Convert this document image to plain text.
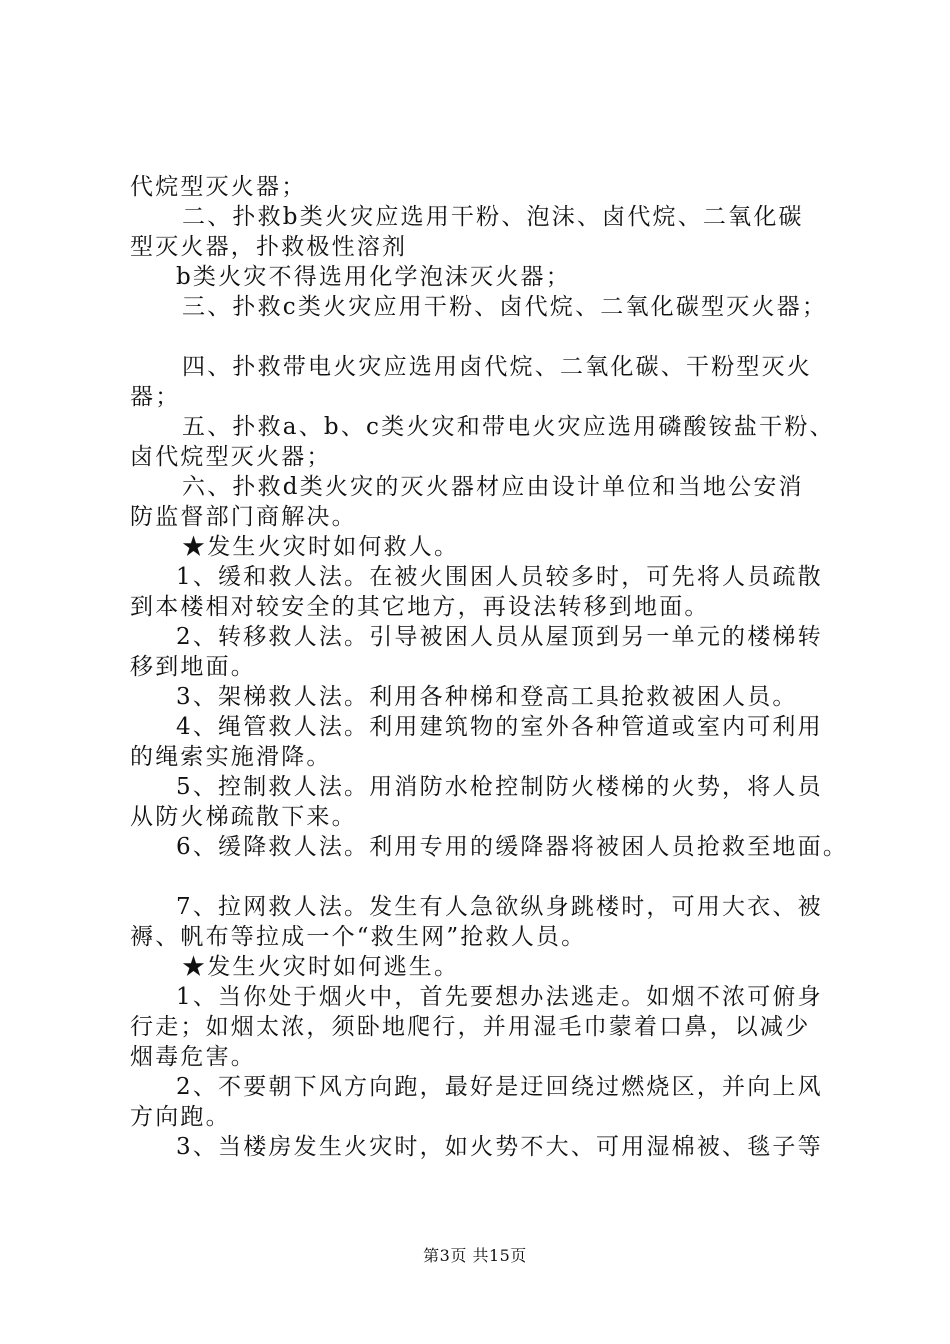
代烷型灭火器；
二、扑救b类火灾应选用干粉、泡沫、卤代烷、二氧化碳
型灭火器，扑救极性溶剂
b类火灾不得选用化学泡沫灭火器；
三、扑救c类火灾应用干粉、卤代烷、二氧化碳型灭火器；
四、扑救带电火灾应选用卤代烷、二氧化碳、干粉型灭火
器；
五、扑救a、b、c类火灾和带电火灾应选用磷酸铵盐干粉、
卤代烷型灭火器；
六、扑救d类火灾的灭火器材应由设计单位和当地公安消
防监督部门商解决。
★发生火灾时如何救人。
1、缓和救人法。在被火围困人员较多时，可先将人员疏散
到本楼相对较安全的其它地方，再设法转移到地面。
2、转移救人法。引导被困人员从屋顶到另一单元的楼梯转
移到地面。
3、架梯救人法。利用各种梯和登高工具抢救被困人员。
4、绳管救人法。利用建筑物的室外各种管道或室内可利用
的绳索实施滑降。
5、控制救人法。用消防水枪控制防火楼梯的火势，将人员
从防火梯疏散下来。
6、缓降救人法。利用专用的缓降器将被困人员抢救至地面。
7、拉网救人法。发生有人急欲纵身跳楼时，可用大衣、被
褥、帆布等拉成一个“救生网”抢救人员。
★发生火灾时如何逃生。
1、当你处于烟火中，首先要想办法逃走。如烟不浓可俯身
行走；如烟太浓，须卧地爬行，并用湿毛巾蒙着口鼻，以减少
烟毒危害。
2、不要朝下风方向跑，最好是迂回绕过燃烧区，并向上风
方向跑。
3、当楼房发生火灾时，如火势不大、可用湿棉被、毯子等
第3页 共15页
